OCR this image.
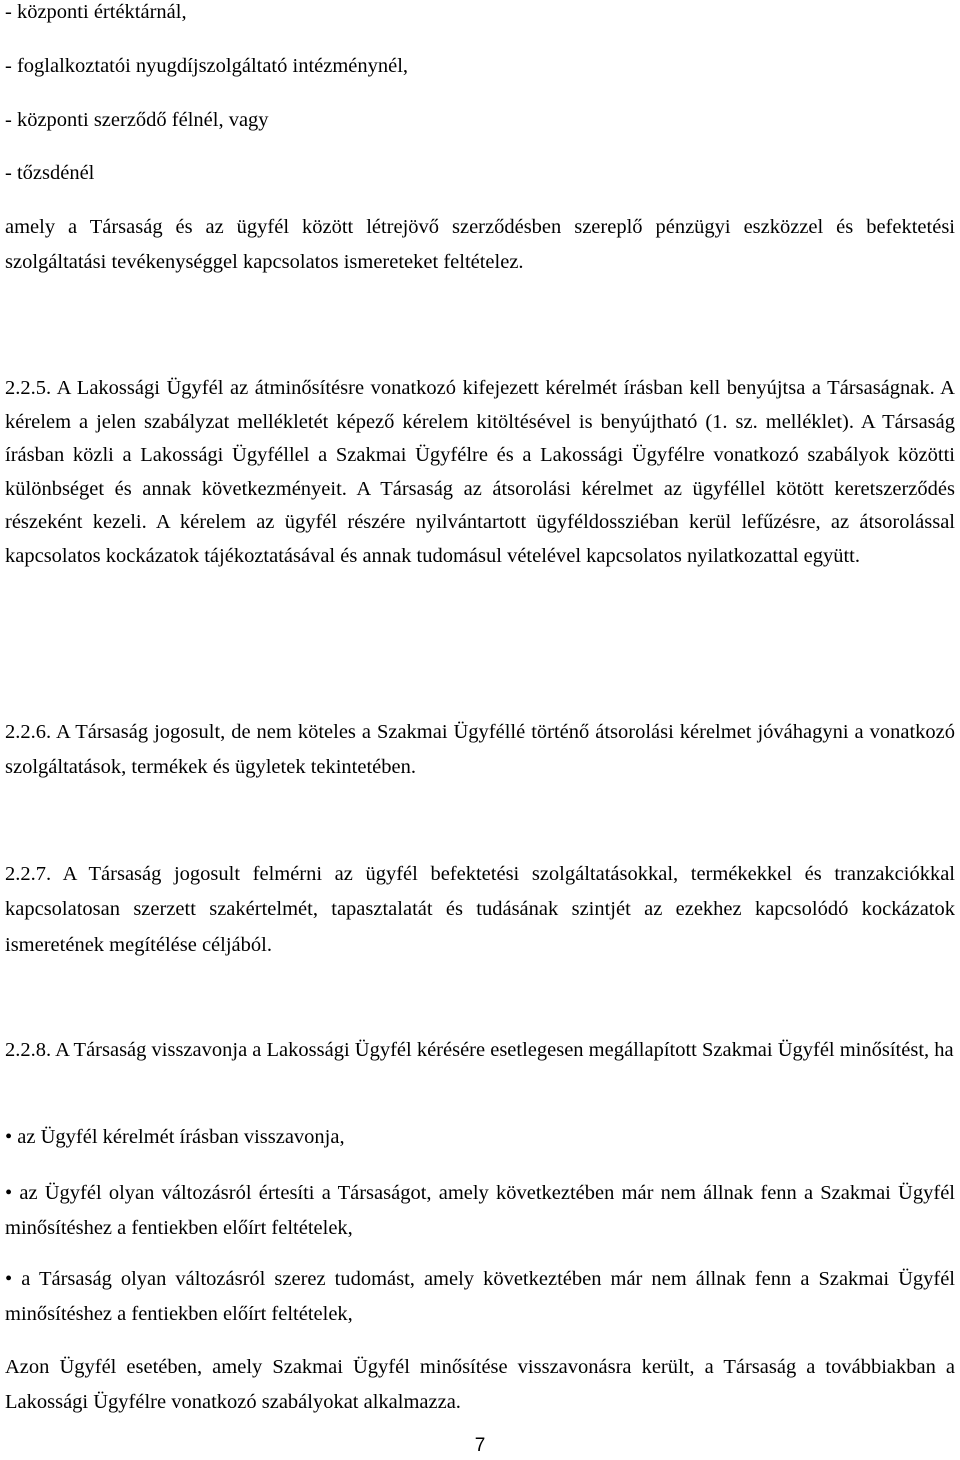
- központi értéktárnál,
- foglalkoztatói nyugdíjszolgáltató intézménynél,
- központi szerződő félnél, vagy
- tőzsdénél
amely a Társaság és az ügyfél között létrejövő szerződésben szereplő pénzügyi eszközzel és befektetési szolgáltatási tevékenységgel kapcsolatos ismereteket feltételez.
2.2.5. A Lakossági Ügyfél az átminősítésre vonatkozó kifejezett kérelmét írásban kell benyújtsa a Társaságnak. A kérelem a jelen szabályzat mellékletét képező kérelem kitöltésével is benyújtható (1. sz. melléklet). A Társaság írásban közli a Lakossági Ügyféllel a Szakmai Ügyfélre és a Lakossági Ügyfélre vonatkozó szabályok közötti különbséget és annak következményeit. A Társaság az átsorolási kérelmet az ügyféllel kötött keretszerződés részeként kezeli. A kérelem az ügyfél részére nyilvántartott ügyféldossziéban kerül lefűzésre, az átsorolással kapcsolatos kockázatok tájékoztatásával és annak tudomásul vételével kapcsolatos nyilatkozattal együtt.
2.2.6. A Társaság jogosult, de nem köteles a Szakmai Ügyféllé történő átsorolási kérelmet jóváhagyni a vonatkozó szolgáltatások, termékek és ügyletek tekintetében.
2.2.7. A Társaság jogosult felmérni az ügyfél befektetési szolgáltatásokkal, termékekkel és tranzakciókkal kapcsolatosan szerzett szakértelmét, tapasztalatát és tudásának szintjét az ezekhez kapcsolódó kockázatok ismeretének megítélése céljából.
2.2.8. A Társaság visszavonja a Lakossági Ügyfél kérésére esetlegesen megállapított Szakmai Ügyfél minősítést, ha
• az Ügyfél kérelmét írásban visszavonja,
• az Ügyfél olyan változásról értesíti a Társaságot, amely következtében már nem állnak fenn a Szakmai Ügyfél minősítéshez a fentiekben előírt feltételek,
• a Társaság olyan változásról szerez tudomást, amely következtében már nem állnak fenn a Szakmai Ügyfél minősítéshez a fentiekben előírt feltételek,
Azon Ügyfél esetében, amely Szakmai Ügyfél minősítése visszavonásra került, a Társaság a továbbiakban a Lakossági Ügyfélre vonatkozó szabályokat alkalmazza.
7
